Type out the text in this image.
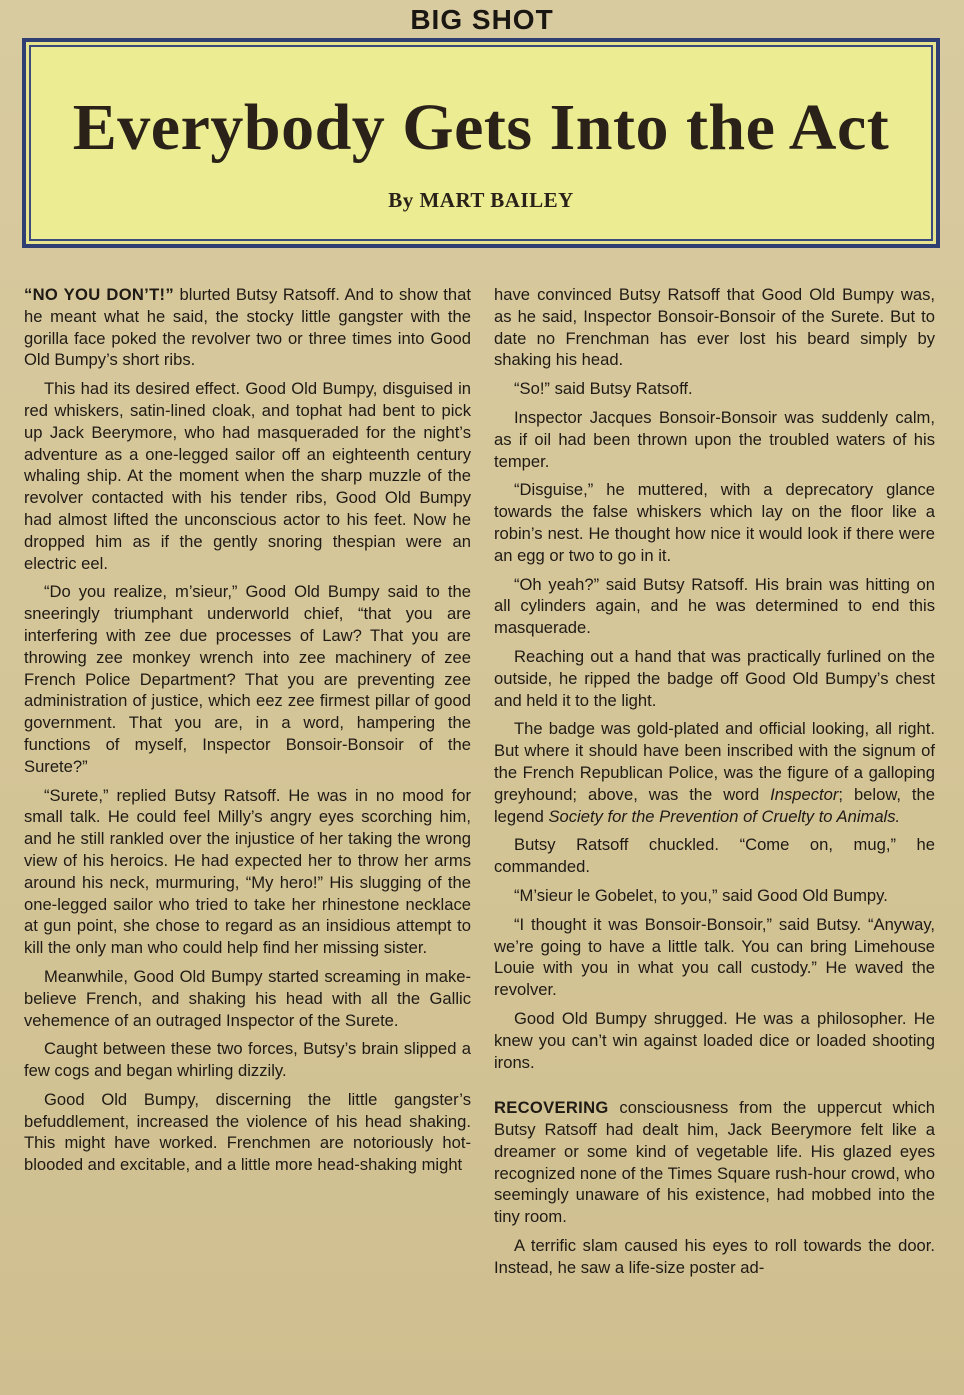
BIG SHOT
Everybody Gets Into the Act
By MART BAILEY

“NO YOU DON’T!” blurted Butsy Ratsoff. And to show that he meant what he said, the stocky little gangster with the gorilla face poked the revolver two or three times into Good Old Bumpy’s short ribs.

This had its desired effect. Good Old Bumpy, disguised in red whiskers, satin-lined cloak, and tophat had bent to pick up Jack Beerymore, who had masqueraded for the night’s adventure as a one-legged sailor off an eighteenth century whaling ship. At the moment when the sharp muzzle of the revolver contacted with his tender ribs, Good Old Bumpy had almost lifted the unconscious actor to his feet. Now he dropped him as if the gently snoring thespian were an electric eel.

“Do you realize, m’sieur,” Good Old Bumpy said to the sneeringly triumphant underworld chief, “that you are interfering with zee due processes of Law? That you are throwing zee monkey wrench into zee machinery of zee French Police Department? That you are preventing zee administration of justice, which eez zee firmest pillar of good government. That you are, in a word, hampering the functions of myself, Inspector Bonsoir-Bonsoir of the Surete?”

“Surete,” replied Butsy Ratsoff. He was in no mood for small talk. He could feel Milly’s angry eyes scorching him, and he still rankled over the injustice of her taking the wrong view of his heroics. He had expected her to throw her arms around his neck, murmuring, “My hero!” His slugging of the one-legged sailor who tried to take her rhinestone necklace at gun point, she chose to regard as an insidious attempt to kill the only man who could help find her missing sister.

Meanwhile, Good Old Bumpy started screaming in make-believe French, and shaking his head with all the Gallic vehemence of an outraged Inspector of the Surete.

Caught between these two forces, Butsy’s brain slipped a few cogs and began whirling dizzily.

Good Old Bumpy, discerning the little gangster’s befuddlement, increased the violence of his head shaking. This might have worked. Frenchmen are notoriously hot-blooded and excitable, and a little more head-shaking might

have convinced Butsy Ratsoff that Good Old Bumpy was, as he said, Inspector Bonsoir-Bonsoir of the Surete. But to date no Frenchman has ever lost his beard simply by shaking his head.

“So!” said Butsy Ratsoff.

Inspector Jacques Bonsoir-Bonsoir was suddenly calm, as if oil had been thrown upon the troubled waters of his temper.

“Disguise,” he muttered, with a deprecatory glance towards the false whiskers which lay on the floor like a robin’s nest. He thought how nice it would look if there were an egg or two to go in it.

“Oh yeah?” said Butsy Ratsoff. His brain was hitting on all cylinders again, and he was determined to end this masquerade.

Reaching out a hand that was practically furlined on the outside, he ripped the badge off Good Old Bumpy’s chest and held it to the light.

The badge was gold-plated and official looking, all right. But where it should have been inscribed with the signum of the French Republican Police, was the figure of a galloping greyhound; above, was the word Inspector; below, the legend Society for the Prevention of Cruelty to Animals.

Butsy Ratsoff chuckled. “Come on, mug,” he commanded.

“M’sieur le Gobelet, to you,” said Good Old Bumpy.

“I thought it was Bonsoir-Bonsoir,” said Butsy. “Anyway, we’re going to have a little talk. You can bring Limehouse Louie with you in what you call custody.” He waved the revolver.

Good Old Bumpy shrugged. He was a philosopher. He knew you can’t win against loaded dice or loaded shooting irons.

RECOVERING consciousness from the uppercut which Butsy Ratsoff had dealt him, Jack Beerymore felt like a dreamer or some kind of vegetable life. His glazed eyes recognized none of the Times Square rush-hour crowd, who seemingly unaware of his existence, had mobbed into the tiny room.

A terrific slam caused his eyes to roll towards the door. Instead, he saw a life-size poster ad-
